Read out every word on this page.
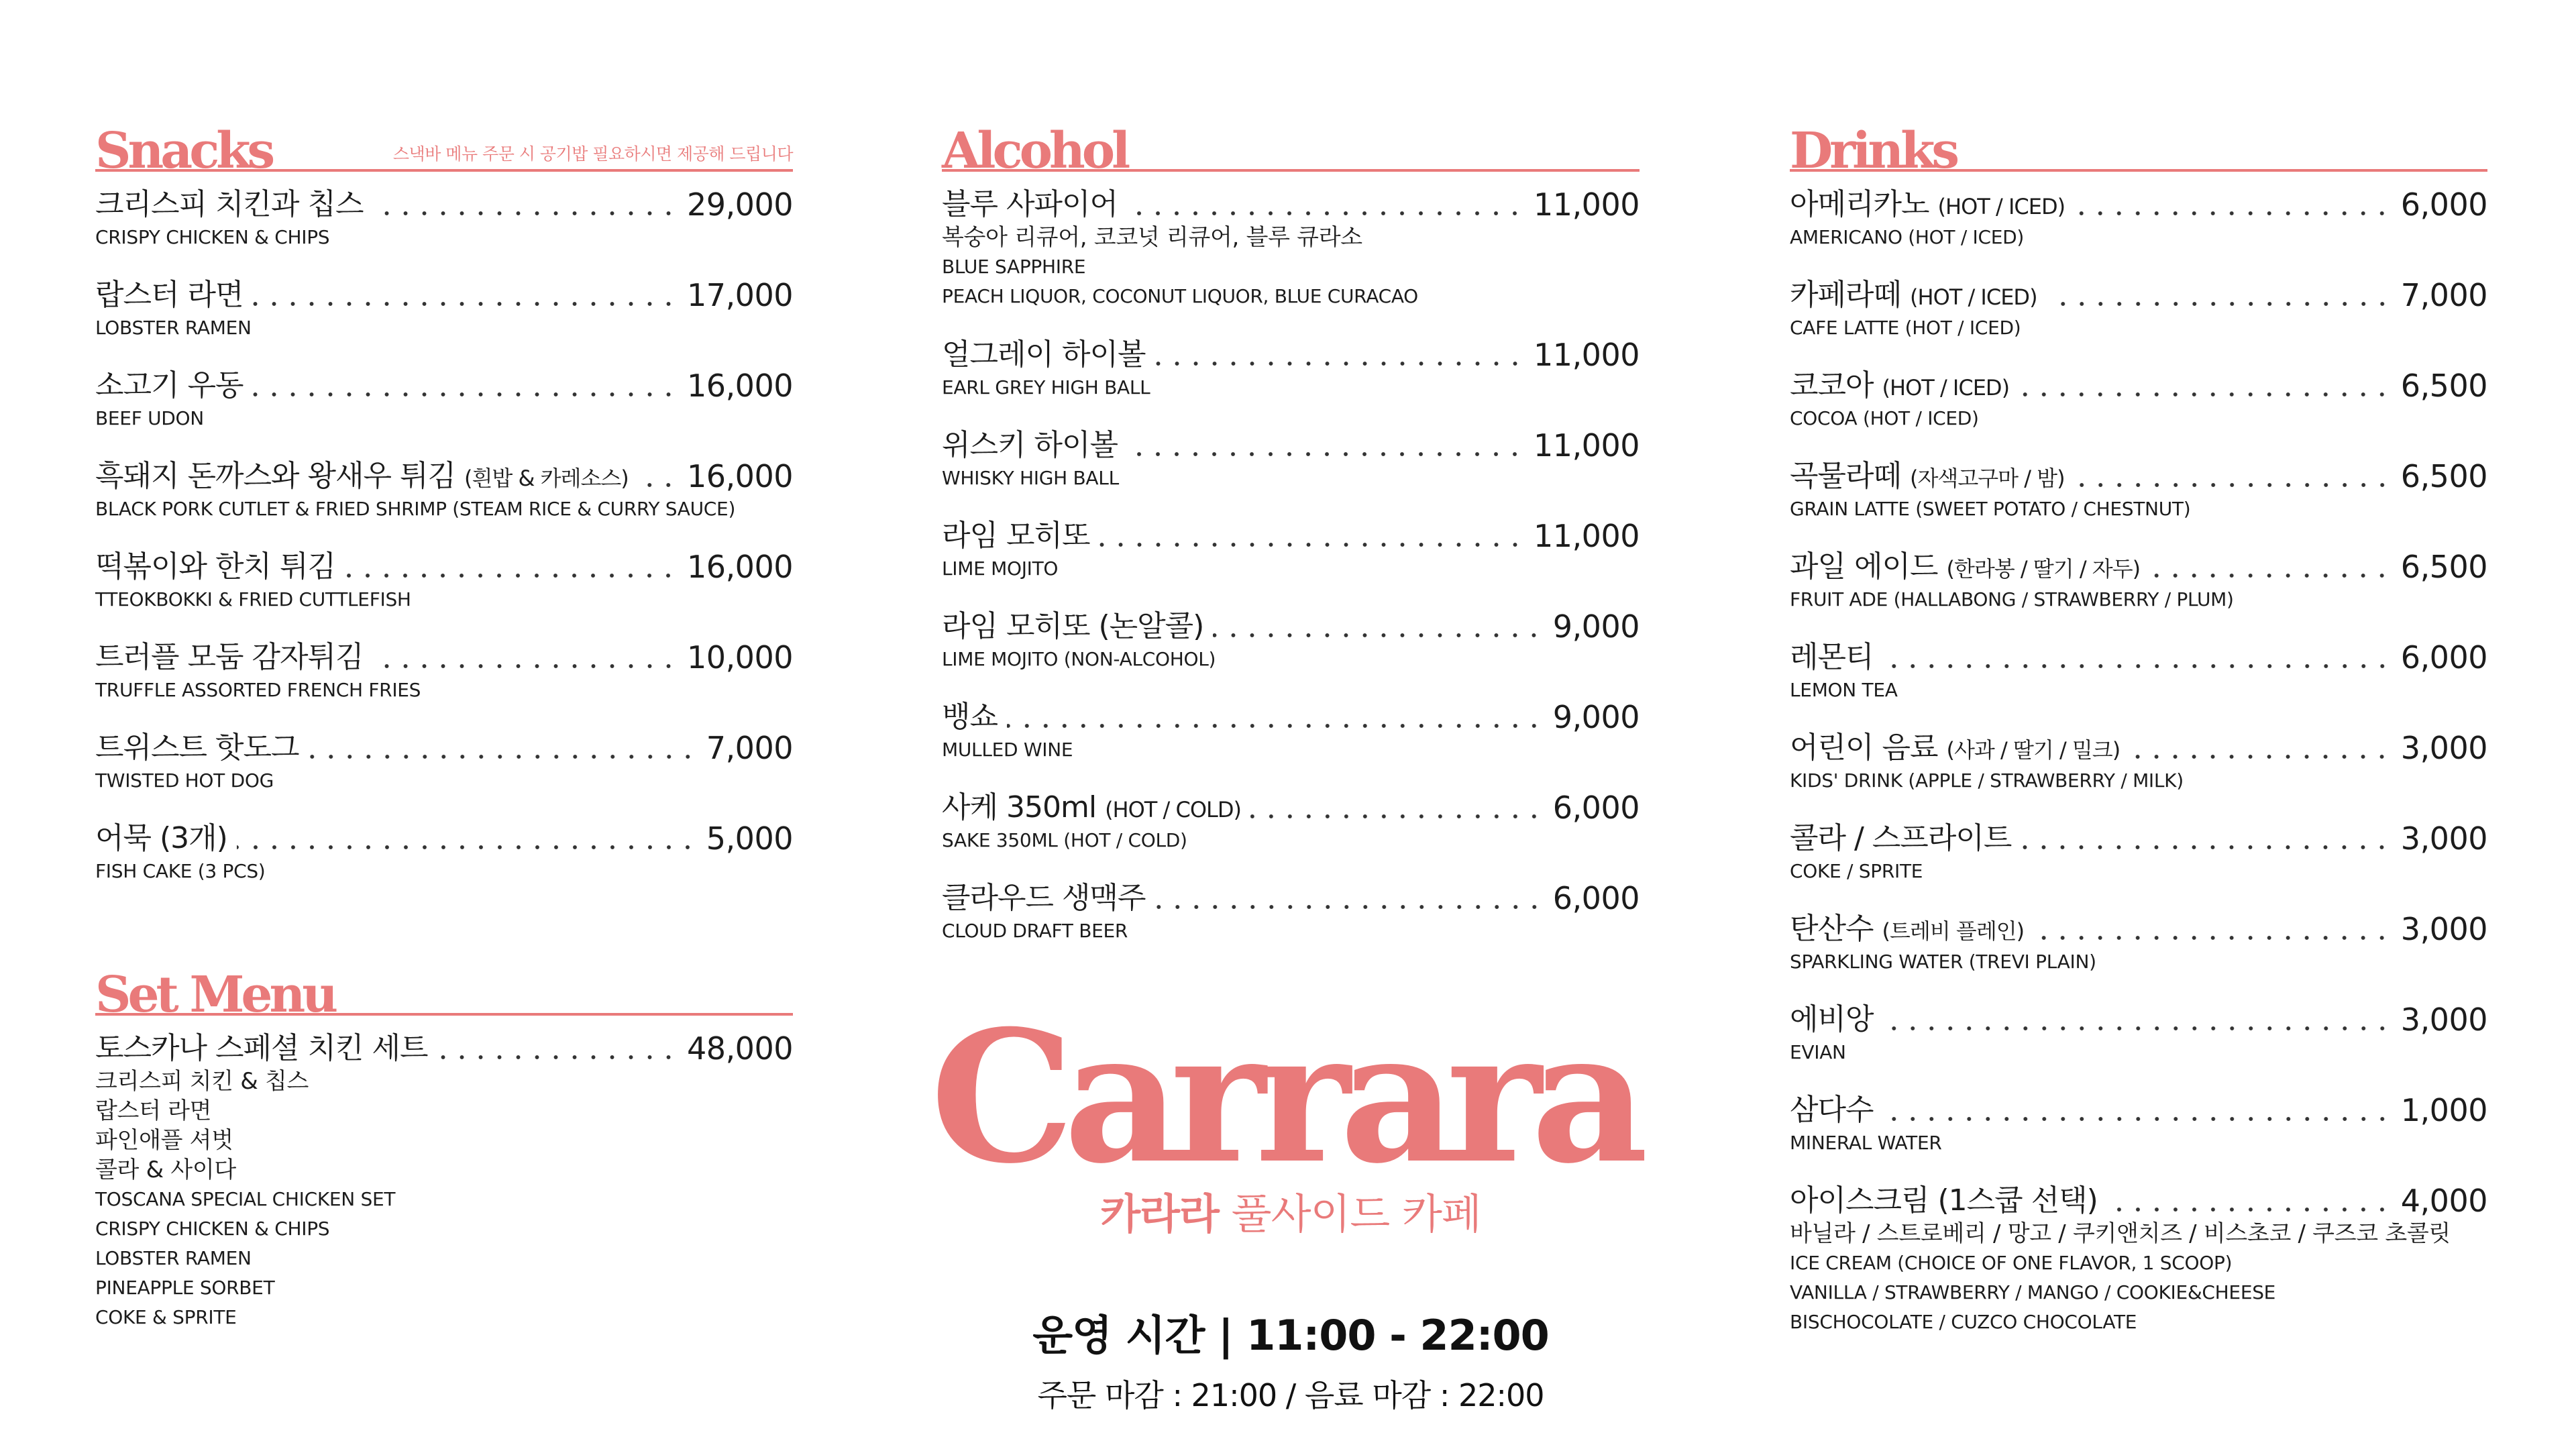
Snacks	스낵바 메뉴 주문 시 공기밥 필요하시면 제공해 드립니다
크리스피 치킨과 칩스	29,000
CRISPY CHICKEN & CHIPS
랍스터 라면	17,000
LOBSTER RAMEN
소고기 우동	16,000
BEEF UDON
흑돼지 돈까스와 왕새우 튀김 (흰밥 & 카레소스) 16,000
BLACK PORK CUTLET & FRIED SHRIMP (STEAM RICE & CURRY SAUCE)
떡볶이와 한치 튀김	16,000
TTEOKBOKKI & FRIED CUTTLEFISH
트러플 모둠 감자튀김	10,000
TRUFFLE ASSORTED FRENCH FRIES
트위스트 핫도그	7,000
TWISTED HOT DOG
어묵 (3개)	5,000
FISH CAKE (3 PCS)
Set Menu
토스카나 스페셜 치킨 세트	48,000
크리스피 치킨 & 칩스
랍스터 라면
파인애플 셔벗
콜라 & 사이다
TOSCANA SPECIAL CHICKEN SET
CRISPY CHICKEN & CHIPS
LOBSTER RAMEN
PINEAPPLE SORBET
COKE & SPRITE
Alcohol
블루 사파이어	11,000
복숭아 리큐어, 코코넛 리큐어, 블루 큐라소
BLUE SAPPHIRE
PEACH LIQUOR, COCONUT LIQUOR, BLUE CURACAO
얼그레이 하이볼	11,000
EARL GREY HIGH BALL
위스키 하이볼	11,000
WHISKY HIGH BALL
라임 모히또	11,000
LIME MOJITO
라임 모히또 (논알콜)	9,000
LIME MOJITO (NON-ALCOHOL)
뱅쇼	9,000
MULLED WINE
사케 350ml (HOT / COLD)	6,000
SAKE 350ML (HOT / COLD)
클라우드 생맥주	6,000
CLOUD DRAFT BEER
Carrara
카라라 풀사이드 카페
운영 시간 | 11:00 - 22:00
주문 마감 : 21:00 / 음료 마감 : 22:00
Drinks
아메리카노 (HOT / ICED)	6,000
AMERICANO (HOT / ICED)
카페라떼 (HOT / ICED)	7,000
CAFE LATTE (HOT / ICED)
코코아 (HOT / ICED)	6,500
COCOA (HOT / ICED)
곡물라떼 (자색고구마 / 밤)	6,500
GRAIN LATTE (SWEET POTATO / CHESTNUT)
과일 에이드 (한라봉 / 딸기 / 자두)	6,500
FRUIT ADE (HALLABONG / STRAWBERRY / PLUM)
레몬티	6,000
LEMON TEA
어린이 음료 (사과 / 딸기 / 밀크)	3,000
KIDS' DRINK (APPLE / STRAWBERRY / MILK)
콜라 / 스프라이트	3,000
COKE / SPRITE
탄산수 (트레비 플레인)	3,000
SPARKLING WATER (TREVI PLAIN)
에비앙	3,000
EVIAN
삼다수	1,000
MINERAL WATER
아이스크림 (1스쿱 선택)	4,000
바닐라 / 스트로베리 / 망고 / 쿠키앤치즈 / 비스초코 / 쿠즈코 초콜릿
ICE CREAM (CHOICE OF ONE FLAVOR, 1 SCOOP)
VANILLA / STRAWBERRY / MANGO / COOKIE&CHEESE
BISCHOCOLATE / CUZCO CHOCOLATE
